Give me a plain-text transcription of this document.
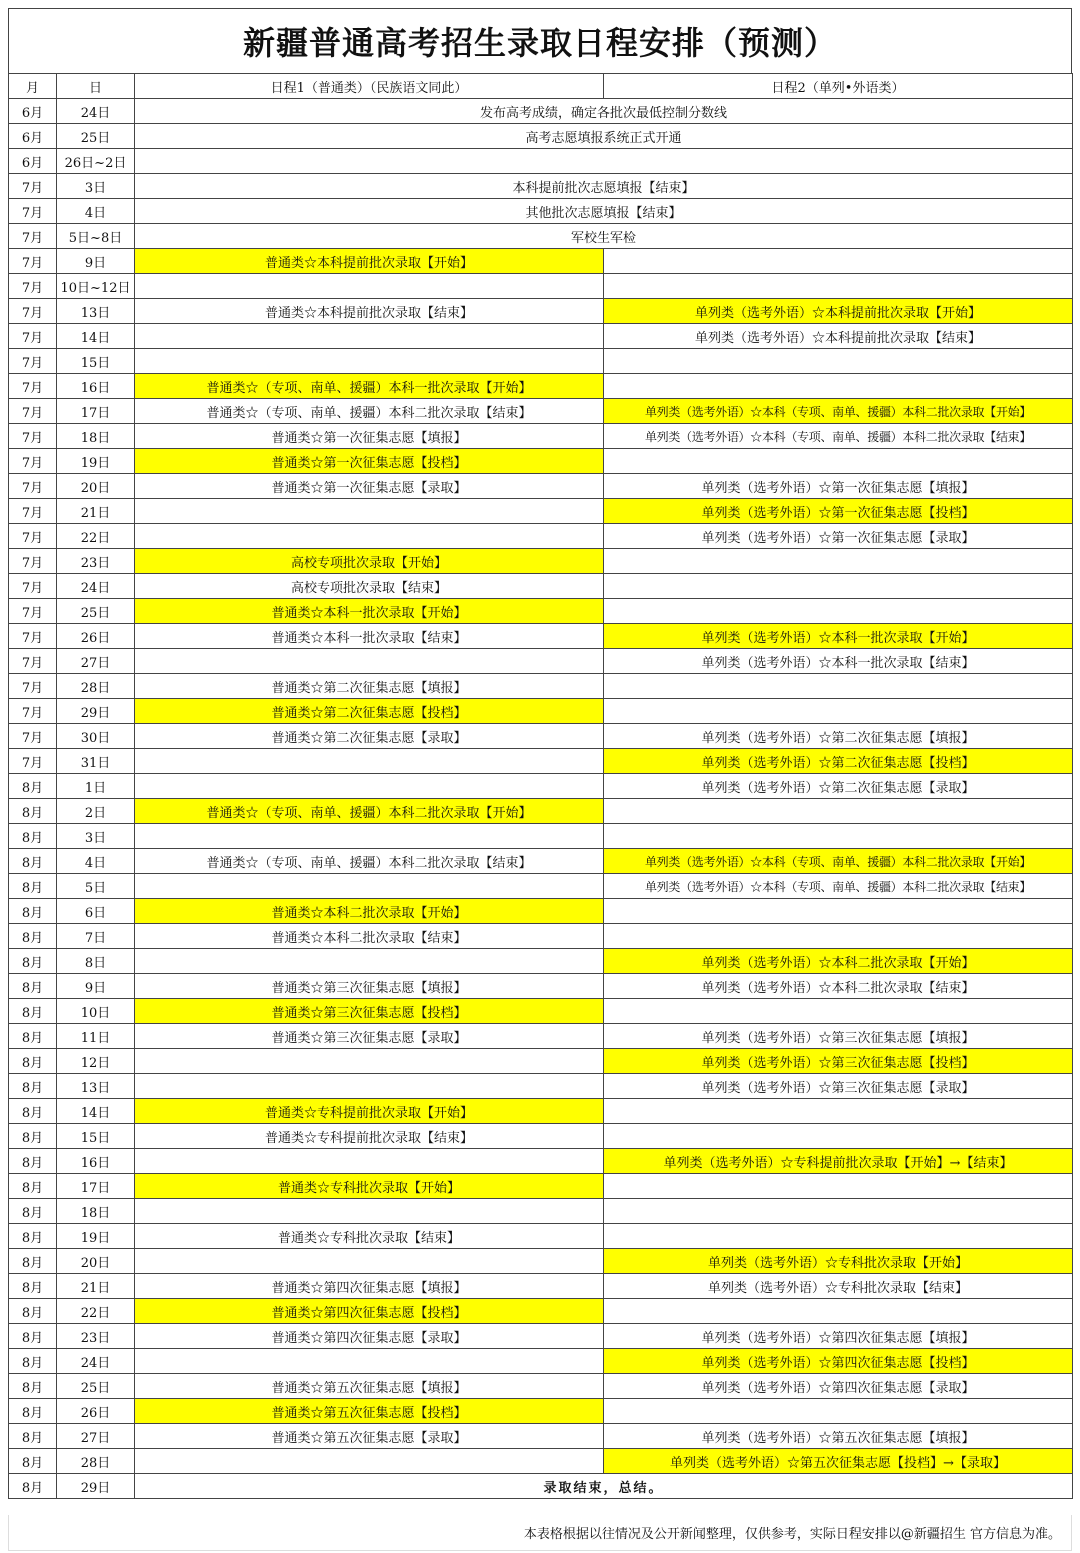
新疆普通高考招生录取日程安排（预测）
月	日	日程1（普通类）（民族语文同此）	日程2（单列•外语类）
6月	24日	发布高考成绩，确定各批次最低控制分数线	
6月	25日	高考志愿填报系统正式开通	
6月	26日~2日		
7月	3日	本科提前批次志愿填报【结束】	
7月	4日	其他批次志愿填报【结束】	
7月	5日~8日	军校生军检	
7月	9日	普通类☆本科提前批次录取【开始】	
7月	10日~12日		
7月	13日	普通类☆本科提前批次录取【结束】	单列类（选考外语）☆本科提前批次录取【开始】
7月	14日		单列类（选考外语）☆本科提前批次录取【结束】
7月	15日		
7月	16日	普通类☆（专项、南单、援疆）本科一批次录取【开始】	
7月	17日	普通类☆（专项、南单、援疆）本科二批次录取【结束】	单列类（选考外语）☆本科（专项、南单、援疆）本科二批次录取【开始】
7月	18日	普通类☆第一次征集志愿【填报】	单列类（选考外语）☆本科（专项、南单、援疆）本科二批次录取【结束】
7月	19日	普通类☆第一次征集志愿【投档】	
7月	20日	普通类☆第一次征集志愿【录取】	单列类（选考外语）☆第一次征集志愿【填报】
7月	21日		单列类（选考外语）☆第一次征集志愿【投档】
7月	22日		单列类（选考外语）☆第一次征集志愿【录取】
7月	23日	高校专项批次录取【开始】	
7月	24日	高校专项批次录取【结束】	
7月	25日	普通类☆本科一批次录取【开始】	
7月	26日	普通类☆本科一批次录取【结束】	单列类（选考外语）☆本科一批次录取【开始】
7月	27日		单列类（选考外语）☆本科一批次录取【结束】
7月	28日	普通类☆第二次征集志愿【填报】	
7月	29日	普通类☆第二次征集志愿【投档】	
7月	30日	普通类☆第二次征集志愿【录取】	单列类（选考外语）☆第二次征集志愿【填报】
7月	31日		单列类（选考外语）☆第二次征集志愿【投档】
8月	1日		单列类（选考外语）☆第二次征集志愿【录取】
8月	2日	普通类☆（专项、南单、援疆）本科二批次录取【开始】	
8月	3日		
8月	4日	普通类☆（专项、南单、援疆）本科二批次录取【结束】	单列类（选考外语）☆本科（专项、南单、援疆）本科二批次录取【开始】
8月	5日		单列类（选考外语）☆本科（专项、南单、援疆）本科二批次录取【结束】
8月	6日	普通类☆本科二批次录取【开始】	
8月	7日	普通类☆本科二批次录取【结束】	
8月	8日		单列类（选考外语）☆本科二批次录取【开始】
8月	9日	普通类☆第三次征集志愿【填报】	单列类（选考外语）☆本科二批次录取【结束】
8月	10日	普通类☆第三次征集志愿【投档】	
8月	11日	普通类☆第三次征集志愿【录取】	单列类（选考外语）☆第三次征集志愿【填报】
8月	12日		单列类（选考外语）☆第三次征集志愿【投档】
8月	13日		单列类（选考外语）☆第三次征集志愿【录取】
8月	14日	普通类☆专科提前批次录取【开始】	
8月	15日	普通类☆专科提前批次录取【结束】	
8月	16日		单列类（选考外语）☆专科提前批次录取【开始】→【结束】
8月	17日	普通类☆专科批次录取【开始】	
8月	18日		
8月	19日	普通类☆专科批次录取【结束】	
8月	20日		单列类（选考外语）☆专科批次录取【开始】
8月	21日	普通类☆第四次征集志愿【填报】	单列类（选考外语）☆专科批次录取【结束】
8月	22日	普通类☆第四次征集志愿【投档】	
8月	23日	普通类☆第四次征集志愿【录取】	单列类（选考外语）☆第四次征集志愿【填报】
8月	24日		单列类（选考外语）☆第四次征集志愿【投档】
8月	25日	普通类☆第五次征集志愿【填报】	单列类（选考外语）☆第四次征集志愿【录取】
8月	26日	普通类☆第五次征集志愿【投档】	
8月	27日	普通类☆第五次征集志愿【录取】	单列类（选考外语）☆第五次征集志愿【填报】
8月	28日		单列类（选考外语）☆第五次征集志愿【投档】→【录取】
8月	29日	录取结束，总结。	
本表格根据以往情况及公开新闻整理，仅供参考，实际日程安排以@新疆招生 官方信息为准。
